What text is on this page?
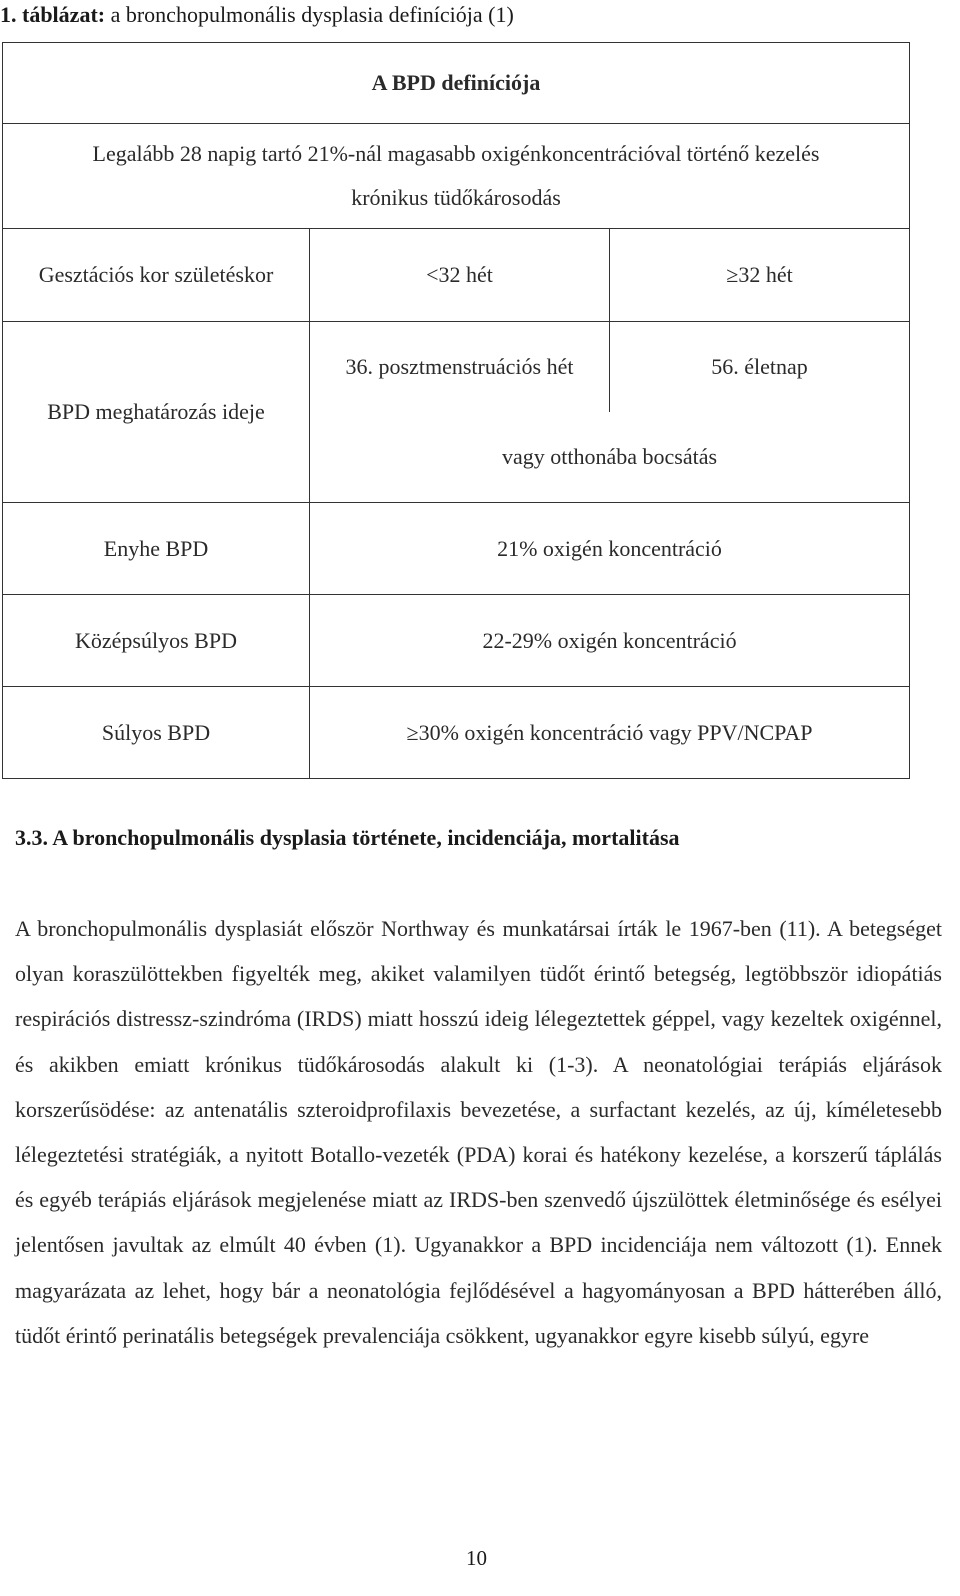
1. táblázat: a bronchopulmonális dysplasia definíciója (1)
A BPD definíciója		

Legalább 28 napig tartó 21%-nál magasabb oxigénkoncentrációval történő kezelés
krónikus tüdőkárosodás		

Gesztációs kor születéskor	<32 hét	≥32 hét
BPD meghatározás ideje	36. posztmenstruációs hét	56. életnap
	vagy otthonába bocsátás	
Enyhe BPD	21% oxigén koncentráció	
Középsúlyos BPD	22-29% oxigén koncentráció	
Súlyos BPD	≥30% oxigén koncentráció vagy PPV/NCPAP	
3.3. A bronchopulmonális dysplasia története, incidenciája, mortalitása
A bronchopulmonális dysplasiát először Northway és munkatársai írták le 1967-ben (11). A betegséget olyan koraszülöttekben figyelték meg, akiket valamilyen tüdőt érintő betegség, legtöbbször idiopátiás respirációs distressz-szindróma (IRDS) miatt hosszú ideig lélegeztettek géppel, vagy kezeltek oxigénnel, és akikben emiatt krónikus tüdőkárosodás alakult ki (1-3). A neonatológiai terápiás eljárások korszerűsödése: az antenatális szteroidprofilaxis bevezetése, a surfactant kezelés, az új, kíméletesebb lélegeztetési stratégiák, a nyitott Botallo-vezeték (PDA) korai és hatékony kezelése, a korszerű táplálás és egyéb terápiás eljárások megjelenése miatt az IRDS-ben szenvedő újszülöttek életminősége és esélyei jelentősen javultak az elmúlt 40 évben (1). Ugyanakkor a BPD incidenciája nem változott (1). Ennek magyarázata az lehet, hogy bár a neonatológia fejlődésével a hagyományosan a BPD hátterében álló, tüdőt érintő perinatális betegségek prevalenciája csökkent, ugyanakkor egyre kisebb súlyú, egyre
10
